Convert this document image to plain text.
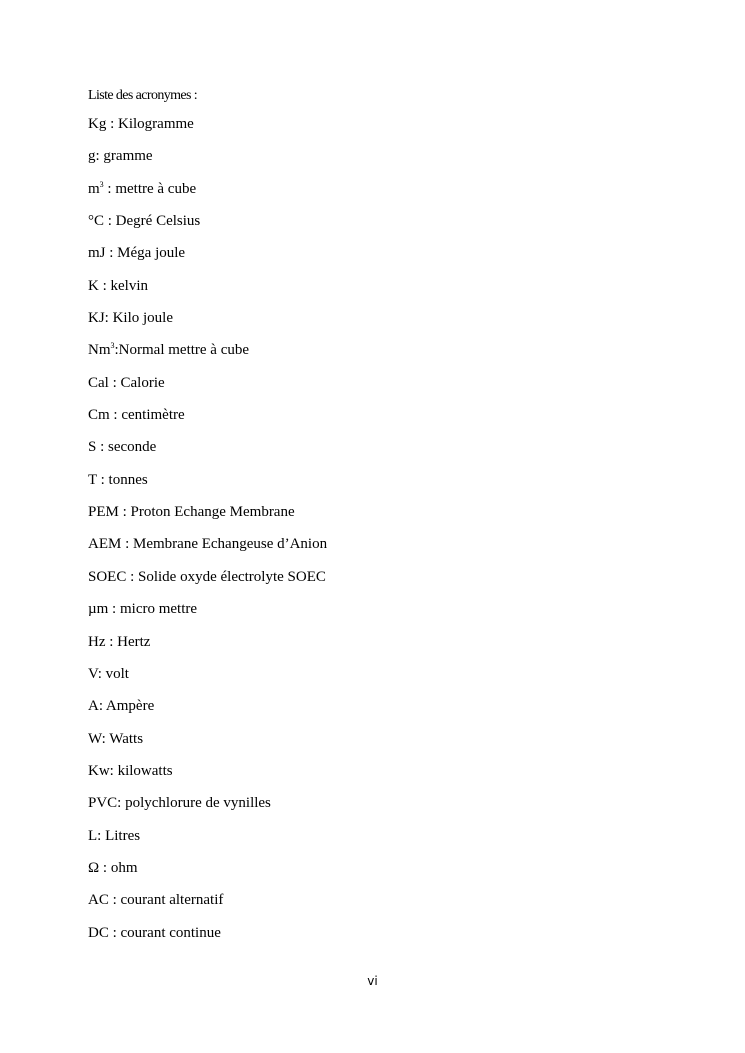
Liste des acronymes :
Kg : Kilogramme
g: gramme
$m^3$ : mettre à cube
°C : Degré Celsius
mJ : Méga joule
K : kelvin
KJ: Kilo joule
Nm$^3$:Normal mettre à cube
Cal : Calorie
Cm : centimètre
S : seconde
T : tonnes
PEM : Proton Echange Membrane
AEM : Membrane Echangeuse d’Anion
SOEC : Solide oxyde électrolyte SOEC
µm : micro mettre
Hz : Hertz
V: volt
A: Ampère
W: Watts
Kw: kilowatts
PVC: polychlorure de vynilles
L: Litres
Ω : ohm
AC : courant alternatif
DC : courant continue
vi
